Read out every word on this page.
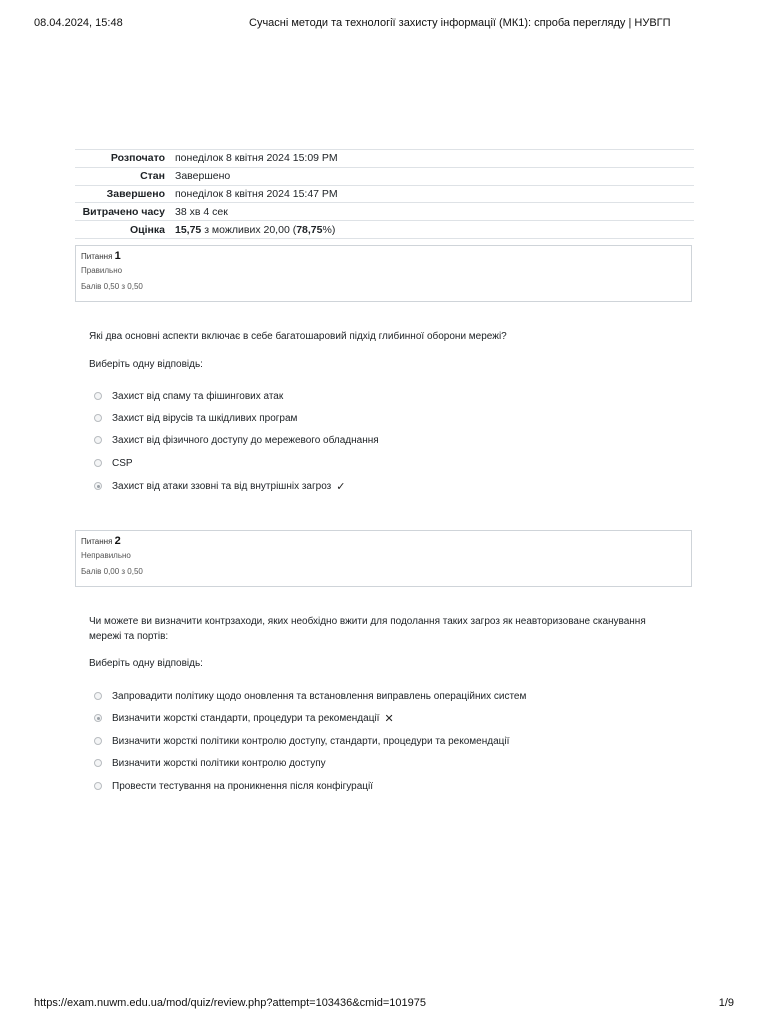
08.04.2024, 15:48	Сучасні методи та технології захисту інформації (МК1): спроба перегляду | НУВГП
Розпочато понеділок 8 квітня 2024 15:09 PM
Стан Завершено
Завершено понеділок 8 квітня 2024 15:47 PM
Витрачено часу 38 хв 4 сек
Оцінка 15,75 з можливих 20,00 (78,75%)
Питання 1
Правильно
Балів 0,50 з 0,50
Які два основні аспекти включає в себе багатошаровий підхід глибинної оборони мережі?
Виберіть одну відповідь:
Захист від спаму та фішингових атак
Захист від вірусів та шкідливих програм
Захист від фізичного доступу до мережевого обладнання
CSP
Захист від атаки ззовні та від внутрішніх загроз ✓
Питання 2
Неправильно
Балів 0,00 з 0,50
Чи можете ви визначити контрзаходи, яких необхідно вжити для подолання таких загроз як неавторизоване сканування мережі та портів:
Виберіть одну відповідь:
Запровадити політику щодо оновлення та встановлення виправлень операційних систем
Визначити жорсткі стандарти, процедури та рекомендації ✕
Визначити жорсткі політики контролю доступу, стандарти, процедури та рекомендації
Визначити жорсткі політики контролю доступу
Провести тестування на проникнення після конфігурації
https://exam.nuwm.edu.ua/mod/quiz/review.php?attempt=103436&cmid=101975	1/9
